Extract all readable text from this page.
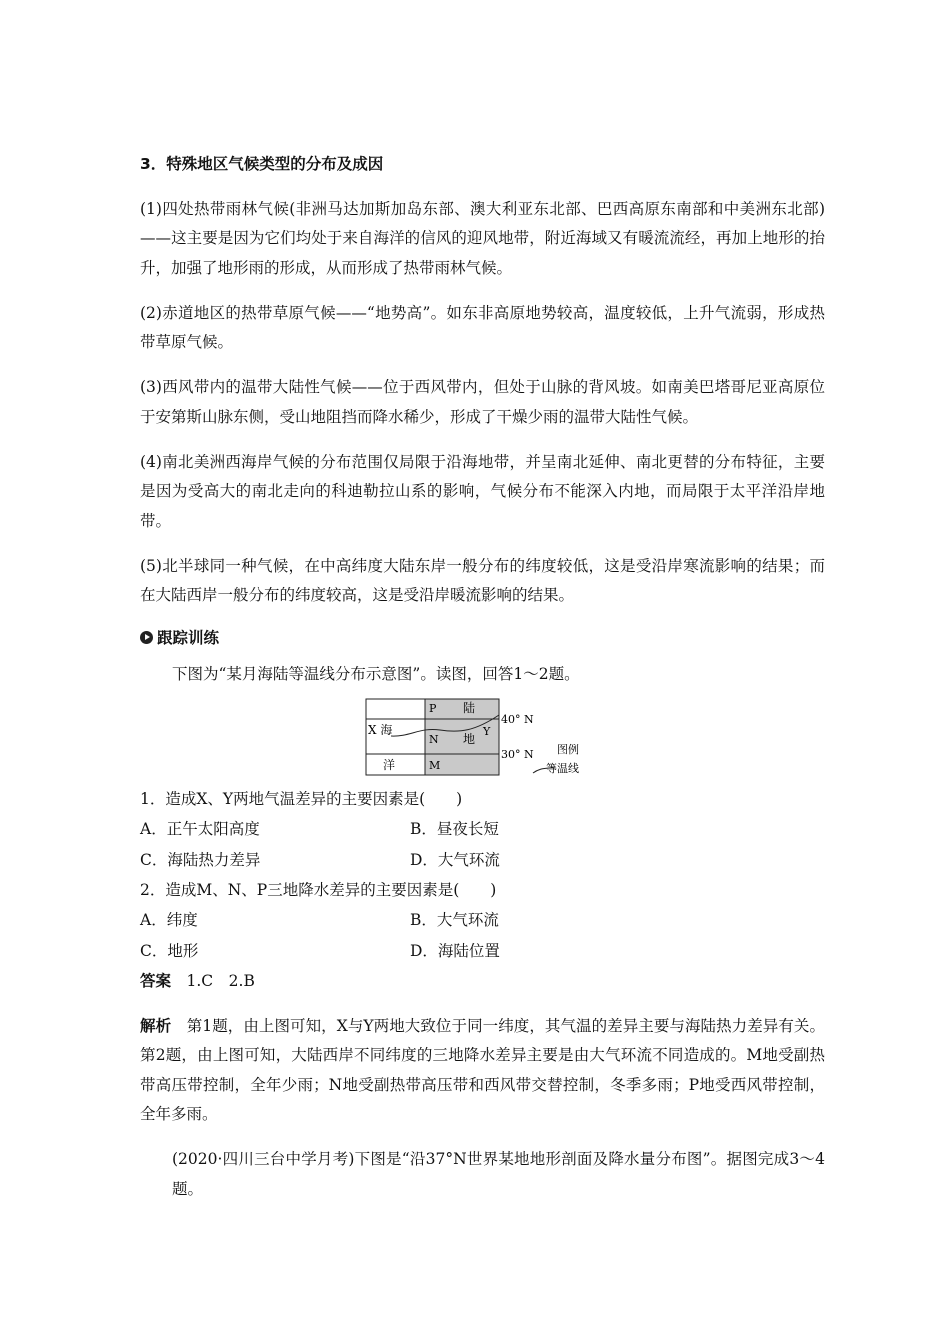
3．特殊地区气候类型的分布及成因

(1)四处热带雨林气候(非洲马达加斯加岛东部、澳大利亚东北部、巴西高原东南部和中美洲东北部)——这主要是因为它们均处于来自海洋的信风的迎风地带，附近海域又有暖流流经，再加上地形的抬升，加强了地形雨的形成，从而形成了热带雨林气候。

(2)赤道地区的热带草原气候——“地势高”。如东非高原地势较高，温度较低，上升气流弱，形成热带草原气候。

(3)西风带内的温带大陆性气候——位于西风带内，但处于山脉的背风坡。如南美巴塔哥尼亚高原位于安第斯山脉东侧，受山地阻挡而降水稀少，形成了干燥少雨的温带大陆性气候。

(4)南北美洲西海岸气候的分布范围仅局限于沿海地带，并呈南北延伸、南北更替的分布特征，主要是因为受高大的南北走向的科迪勒拉山系的影响，气候分布不能深入内地，而局限于太平洋沿岸地带。

(5)北半球同一种气候，在中高纬度大陆东岸一般分布的纬度较低，这是受沿岸寒流影响的结果；而在大陆西岸一般分布的纬度较高，这是受沿岸暖流影响的结果。

跟踪训练

下图为“某月海陆等温线分布示意图”。读图，回答1～2题。

X 海
洋
P 陆
N 地
Y
M
40° N
30° N 图例
等温线

1．造成X、Y两地气温差异的主要因素是(　　)

A．正午太阳高度	B．昼夜长短
C．海陆热力差异	D．大气环流

2．造成M、N、P三地降水差异的主要因素是(　　)

A．纬度	B．大气环流
C．地形	D．海陆位置

答案　1.C　2.B

解析　第1题，由上图可知，X与Y两地大致位于同一纬度，其气温的差异主要与海陆热力差异有关。第2题，由上图可知，大陆西岸不同纬度的三地降水差异主要是由大气环流不同造成的。M地受副热带高压带控制，全年少雨；N地受副热带高压带和西风带交替控制，冬季多雨；P地受西风带控制，全年多雨。

(2020·四川三台中学月考)下图是“沿37°N世界某地地形剖面及降水量分布图”。据图完成3～4题。
